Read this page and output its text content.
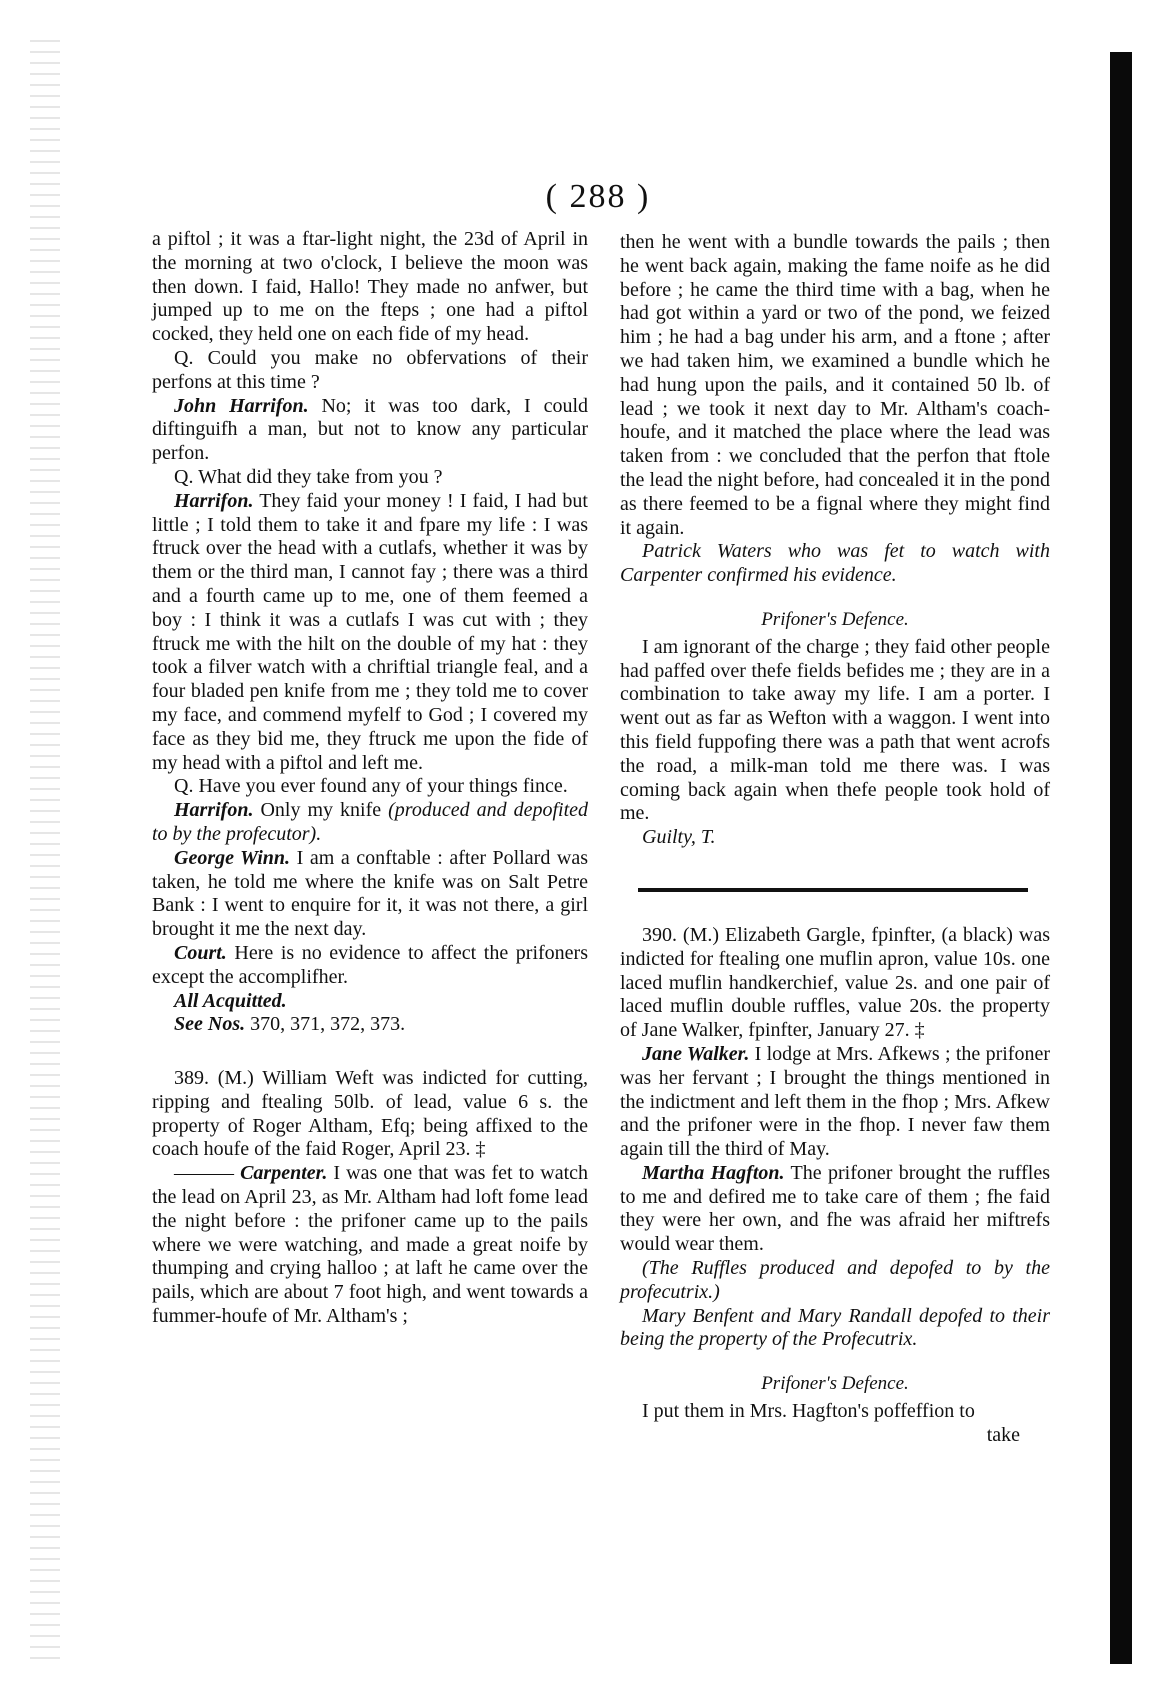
( 288 )

a piftol ; it was a ftar-light night, the 23d of April in the morning at two o'clock, I believe the moon was then down. I faid, Hallo! They made no anfwer, but jumped up to me on the fteps ; one had a piftol cocked, they held one on each fide of my head.

Q. Could you make no obfervations of their perfons at this time ?

John Harrifon. No; it was too dark, I could diftinguifh a man, but not to know any particular perfon.

Q. What did they take from you ?

Harrifon. They faid your money ! I faid, I had but little ; I told them to take it and fpare my life : I was ftruck over the head with a cutlafs, whether it was by them or the third man, I cannot fay ; there was a third and a fourth came up to me, one of them feemed a boy : I think it was a cutlafs I was cut with ; they ftruck me with the hilt on the double of my hat : they took a filver watch with a chriftial triangle feal, and a four bladed pen knife from me ; they told me to cover my face, and commend myfelf to God ; I covered my face as they bid me, they ftruck me upon the fide of my head with a piftol and left me.

Q. Have you ever found any of your things fince.

Harrifon. Only my knife (produced and depofited to by the profecutor).

George Winn. I am a conftable : after Pollard was taken, he told me where the knife was on Salt Petre Bank : I went to enquire for it, it was not there, a girl brought it me the next day.

Court. Here is no evidence to affect the prifoners except the accomplifher.

All Acquitted.

See Nos. 370, 371, 372, 373.

389. (M.) William Weft was indicted for cutting, ripping and ftealing 50lb. of lead, value 6 s. the property of Roger Altham, Efq; being affixed to the coach houfe of the faid Roger, April 23. ‡

——— Carpenter. I was one that was fet to watch the lead on April 23, as Mr. Altham had loft fome lead the night before : the prifoner came up to the pails where we were watching, and made a great noife by thumping and crying halloo ; at laft he came over the pails, which are about 7 foot high, and went towards a fummer-houfe of Mr. Altham's ;

then he went with a bundle towards the pails ; then he went back again, making the fame noife as he did before ; he came the third time with a bag, when he had got within a yard or two of the pond, we feized him ; he had a bag under his arm, and a ftone ; after we had taken him, we examined a bundle which he had hung upon the pails, and it contained 50 lb. of lead ; we took it next day to Mr. Altham's coach-houfe, and it matched the place where the lead was taken from : we concluded that the perfon that ftole the lead the night before, had concealed it in the pond as there feemed to be a fignal where they might find it again.

Patrick Waters who was fet to watch with Carpenter confirmed his evidence.

Prifoner's Defence.

I am ignorant of the charge ; they faid other people had paffed over thefe fields befides me ; they are in a combination to take away my life. I am a porter. I went out as far as Wefton with a waggon. I went into this field fuppofing there was a path that went acrofs the road, a milk-man told me there was. I was coming back again when thefe people took hold of me.

Guilty, T.

390. (M.) Elizabeth Gargle, fpinfter, (a black) was indicted for ftealing one muflin apron, value 10s. one laced muflin handkerchief, value 2s. and one pair of laced muflin double ruffles, value 20s. the property of Jane Walker, fpinfter, January 27. ‡

Jane Walker. I lodge at Mrs. Afkews ; the prifoner was her fervant ; I brought the things mentioned in the indictment and left them in the fhop ; Mrs. Afkew and the prifoner were in the fhop. I never faw them again till the third of May.

Martha Hagfton. The prifoner brought the ruffles to me and defired me to take care of them ; fhe faid they were her own, and fhe was afraid her miftrefs would wear them.

(The Ruffles produced and depofed to by the profecutrix.)

Mary Benfent and Mary Randall depofed to their being the property of the Profecutrix.

Prifoner's Defence.

I put them in Mrs. Hagfton's poffeffion to

take
